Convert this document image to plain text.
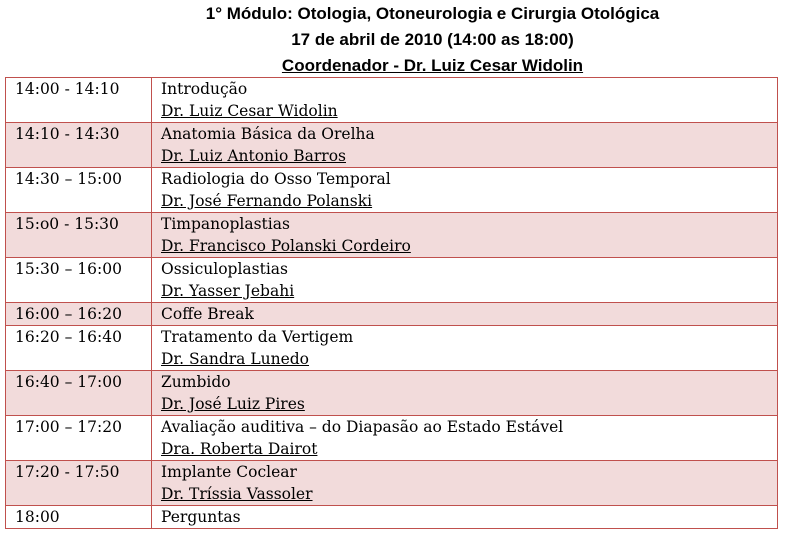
1° Módulo: Otologia, Otoneurologia e Cirurgia Otológica
17 de abril de 2010 (14:00 as 18:00)
Coordenador - Dr. Luiz Cesar Widolin
14:00 - 14:10	Introdução
Dr. Luiz Cesar Widolin

14:10 - 14:30	Anatomia Básica da Orelha
Dr. Luiz Antonio Barros

14:30 – 15:00	Radiologia do Osso Temporal
Dr. José Fernando Polanski

15:o0 - 15:30	Timpanoplastias
Dr. Francisco Polanski Cordeiro

15:30 – 16:00	Ossiculoplastias
Dr. Yasser Jebahi

16:00 – 16:20	Coffe Break

16:20 – 16:40	Tratamento da Vertigem
Dr. Sandra Lunedo

16:40 – 17:00	Zumbido
Dr. José Luiz Pires

17:00 – 17:20	Avaliação auditiva – do Diapasão ao Estado Estável
Dra. Roberta Dairot

17:20 - 17:50	Implante Coclear
Dr. Tríssia Vassoler

18:00	Perguntas
